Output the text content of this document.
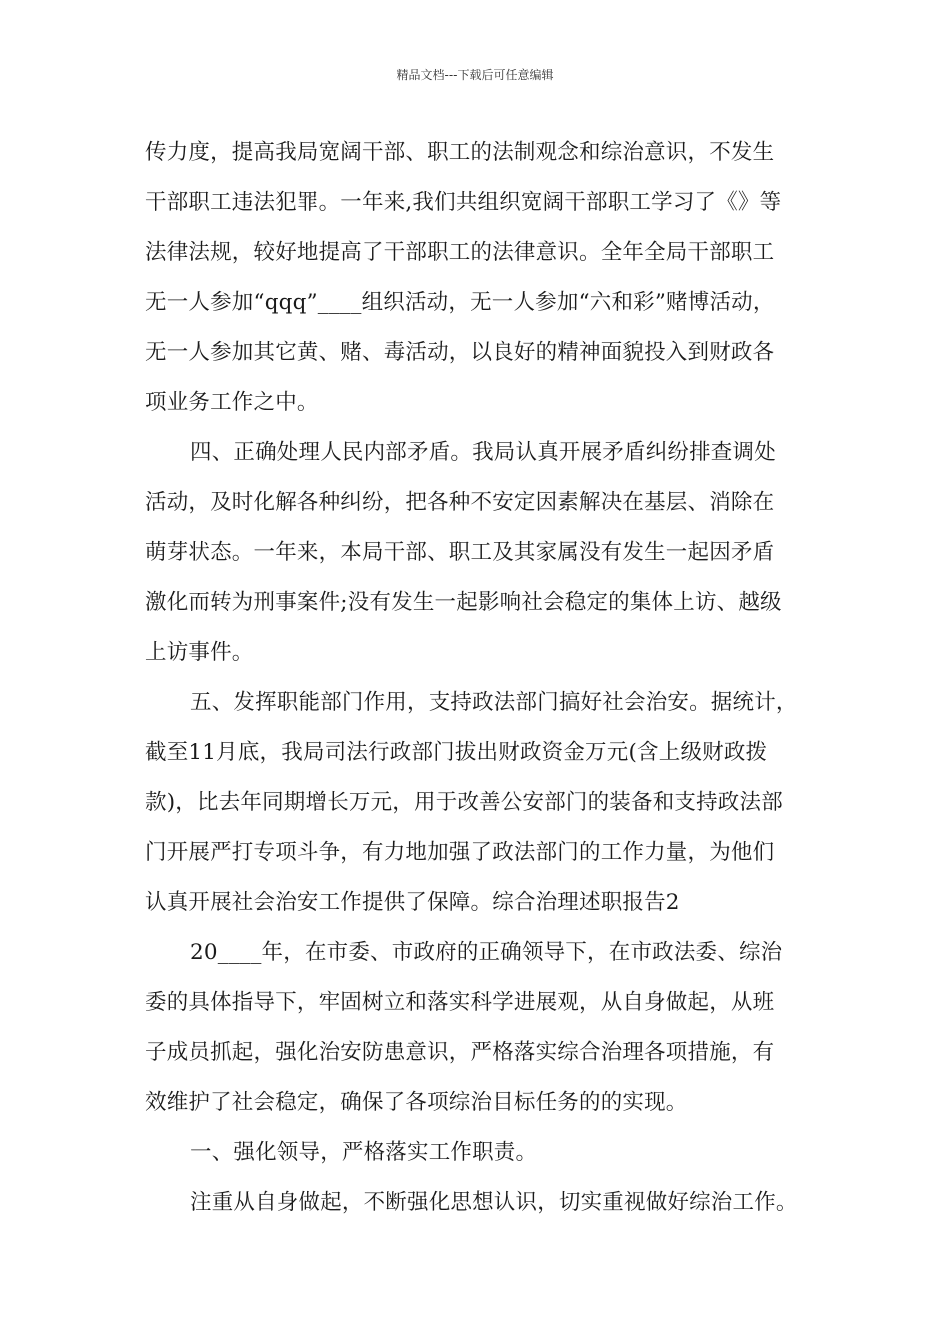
精品文档---下载后可任意编辑
传力度，提高我局宽阔干部、职工的法制观念和综治意识，不发生
干部职工违法犯罪。一年来,我们共组织宽阔干部职工学习了《》等
法律法规，较好地提高了干部职工的法律意识。全年全局干部职工
无一人参加“qqq”____组织活动，无一人参加“六和彩”赌博活动，
无一人参加其它黄、赌、毒活动，以良好的精神面貌投入到财政各
项业务工作之中。
四、正确处理人民内部矛盾。我局认真开展矛盾纠纷排查调处
活动，及时化解各种纠纷，把各种不安定因素解决在基层、消除在
萌芽状态。一年来，本局干部、职工及其家属没有发生一起因矛盾
激化而转为刑事案件;没有发生一起影响社会稳定的集体上访、越级
上访事件。
五、发挥职能部门作用，支持政法部门搞好社会治安。据统计，
截至11月底，我局司法行政部门拔出财政资金万元(含上级财政拨
款)，比去年同期增长万元，用于改善公安部门的装备和支持政法部
门开展严打专项斗争，有力地加强了政法部门的工作力量，为他们
认真开展社会治安工作提供了保障。综合治理述职报告2
20____年，在市委、市政府的正确领导下，在市政法委、综治
委的具体指导下，牢固树立和落实科学进展观，从自身做起，从班
子成员抓起，强化治安防患意识，严格落实综合治理各项措施，有
效维护了社会稳定，确保了各项综治目标任务的的实现。
一、强化领导，严格落实工作职责。
注重从自身做起，不断强化思想认识，切实重视做好综治工作。
